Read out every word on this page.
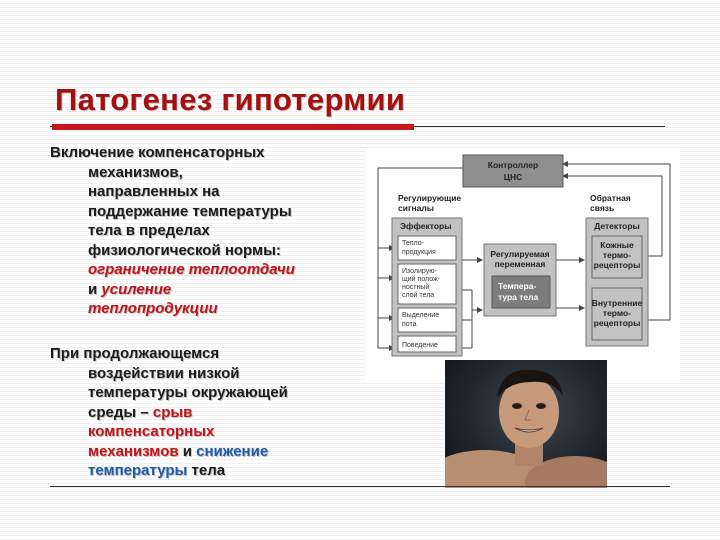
Патогенез гипотермии
Включение компенсаторных
механизмов,
направленных на
поддержание температуры
тела в пределах
физиологической нормы:
ограничение теплоотдачи
и усиление
теплопродукции
При продолжающемся
воздействии низкой
температуры окружающей
среды – срыв
компенсаторных
механизмов и снижение
температуры тела
Контроллер
ЦНС
Регулирующие
сигналы
Обратная
связь
Эффекторы
Тепло-
продукция
Изолирую-
щий полож-
ностный
слой тела
Выделение
пота
Поведение
Регулируемая
переменная
Темпера-
тура тела
Детекторы
Кожные
термо-
рецепторы
Внутренние
термо-
рецепторы
